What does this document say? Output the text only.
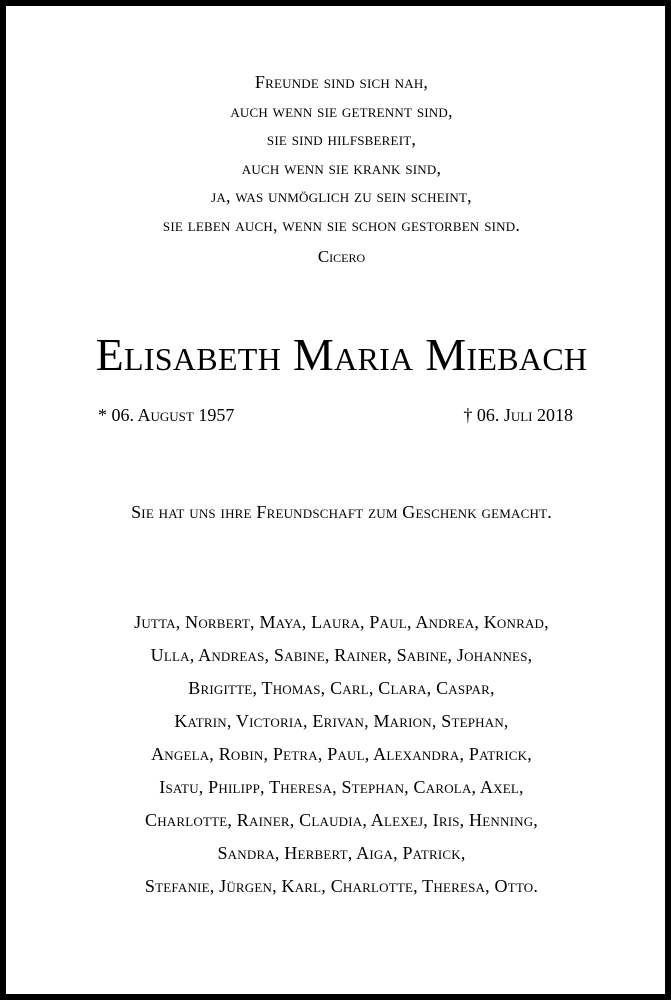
Freunde sind sich nah,
auch wenn sie getrennt sind,
sie sind hilfsbereit,
auch wenn sie krank sind,
ja, was unmöglich zu sein scheint,
sie leben auch, wenn sie schon gestorben sind.
Cicero
Elisabeth Maria Miebach
* 06. August 1957	† 06. Juli 2018
Sie hat uns ihre Freundschaft zum Geschenk gemacht.
Jutta, Norbert, Maya, Laura, Paul, Andrea, Konrad,
Ulla, Andreas, Sabine, Rainer, Sabine, Johannes,
Brigitte, Thomas, Carl, Clara, Caspar,
Katrin, Victoria, Erivan, Marion, Stephan,
Angela, Robin, Petra, Paul, Alexandra, Patrick,
Isatu, Philipp, Theresa, Stephan, Carola, Axel,
Charlotte, Rainer, Claudia, Alexej, Iris, Henning,
Sandra, Herbert, Aiga, Patrick,
Stefanie, Jürgen, Karl, Charlotte, Theresa, Otto.
